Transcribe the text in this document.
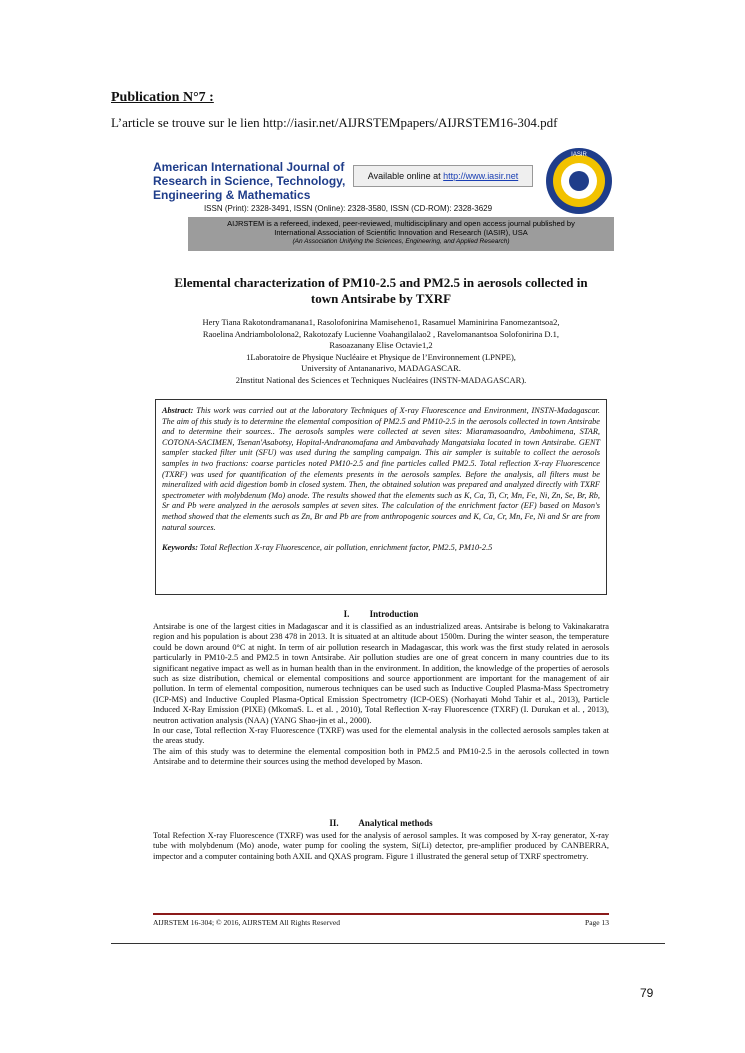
Publication N°7 :
L’article se trouve sur le lien http://iasir.net/AIJRSTEMpapers/AIJRSTEM16-304.pdf
American International Journal of
Research in Science, Technology,
Engineering & Mathematics
Available online at http://www.iasir.net
ISSN (Print): 2328-3491, ISSN (Online): 2328-3580, ISSN (CD-ROM): 2328-3629
AIJRSTEM is a refereed, indexed, peer-reviewed, multidisciplinary and open access journal published by
International Association of Scientific Innovation and Research (IASIR), USA
(An Association Unifying the Sciences, Engineering, and Applied Research)
IASIR
Elemental characterization of PM10-2.5 and PM2.5 in aerosols collected in
town Antsirabe by TXRF
Hery Tiana Rakotondramanana1, Rasolofonirina Mamiseheno1, Rasamuel Maminirina Fanomezantsoa2,
Raoelina Andriambololona2, Rakotozafy Lucienne Voahangilalao2 , Ravelomanantsoa Solofonirina D.1,
Rasoazanany Elise Octavie1,2
1Laboratoire de Physique Nucléaire et Physique de l’Environnement (LPNPE),
University of Antananarivo, MADAGASCAR.
2Institut National des Sciences et Techniques Nucléaires (INSTN-MADAGASCAR).
Abstract: This work was carried out at the laboratory Techniques of X-ray Fluorescence and Environment, INSTN-Madagascar. The aim of this study is to determine the elemental composition of PM2.5 and PM10-2.5 in the aerosols collected in town Antsirabe and to determine their sources.. The aerosols samples were collected at seven sites: Miaramasoandro, Ambohimena, STAR, COTONA-SACIMEN, Tsenan'Asabotsy, Hopital-Andranomafana and Ambavahady Mangatsiaka located in town Antsirabe. GENT sampler stacked filter unit (SFU) was used during the sampling campaign. This air sampler is suitable to collect the aerosols samples in two fractions: coarse particles noted PM10-2.5 and fine particles called PM2.5. Total reflection X-ray Fluorescence (TXRF) was used for quantification of the elements presents in the aerosols samples. Before the analysis, all filters must be mineralized with acid digestion bomb in closed system. Then, the obtained solution was prepared and analyzed directly with TXRF spectrometer with molybdenum (Mo) anode. The results showed that the elements such as K, Ca, Ti, Cr, Mn, Fe, Ni, Zn, Se, Br, Rb, Sr and Pb were analyzed in the aerosols samples at seven sites. The calculation of the enrichment factor (EF) based on Mason's method showed that the elements such as Zn, Br and Pb are from anthropogenic sources and K, Ca, Cr, Mn, Fe, Ni and Sr are from natural sources.
Keywords: Total Reflection X-ray Fluorescence, air pollution, enrichment factor, PM2.5, PM10-2.5
I. Introduction

Antsirabe is one of the largest cities in Madagascar and it is classified as an industrialized areas. Antsirabe is belong to Vakinakaratra region and his population is about 238 478 in 2013. It is situated at an altitude about 1500m. During the winter season, the temperature could be down around 0°C at night. In term of air pollution research in Madagascar, this work was the first study related in aerosols particularly in PM10-2.5 and PM2.5 in town Antsirabe. Air pollution studies are one of great concern in many countries due to its significant negative impact as well as in human health than in the environment. In addition, the knowledge of the properties of aerosols such as size distribution, chemical or elemental compositions and source apportionment are important for the management of air pollution. In term of elemental composition, numerous techniques can be used such as Inductive Coupled Plasma-Mass Spectrometry (ICP-MS) and Inductive Coupled Plasma-Optical Emission Spectrometry (ICP-OES) (Norhayati Mohd Tahir et al., 2013), Particle Induced X-Ray Emission (PIXE) (MkomaS. L. et al. , 2010), Total Reflection X-ray Fluorescence (TXRF) (I. Durukan et al. , 2013), neutron activation analysis (NAA) (YANG Shao-jin et al., 2000).

In our case, Total reflection X-ray Fluorescence (TXRF) was used for the elemental analysis in the collected aerosols samples taken at the areas study.

The aim of this study was to determine the elemental composition both in PM2.5 and PM10-2.5 in the aerosols collected in town Antsirabe and to determine their sources using the method developed by Mason.

II. Analytical methods

Total Refection X-ray Fluorescence (TXRF) was used for the analysis of aerosol samples. It was composed by X-ray generator, X-ray tube with molybdenum (Mo) anode, water pump for cooling the system, Si(Li) detector, pre-amplifier produced by CANBERRA, impector and a computer containing both AXIL and QXAS program. Figure 1 illustrated the general setup of TXRF spectrometry.

AIJRSTEM 16-304; © 2016, AIJRSTEM All Rights Reserved	Page 13
79
